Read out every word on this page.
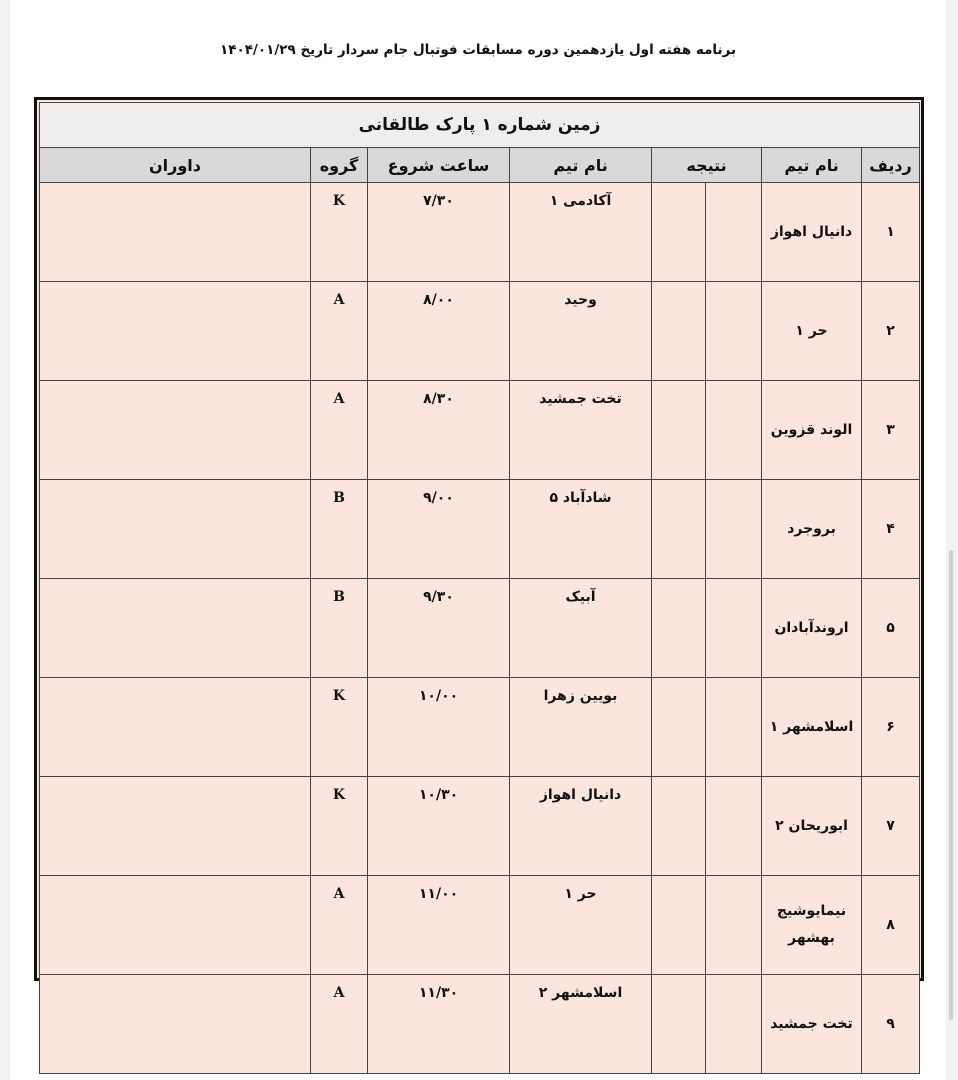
برنامه هفته اول یازدهمین دوره مسابقات فوتبال جام سردار تاریخ ۱۴۰۴/۰۱/۲۹
زمین شماره ۱ پارک طالقانی							
ردیف	نام تیم	نتیجه		نام تیم	ساعت شروع	گروه	داوران
۱	دانیال اهواز			آکادمی ۱	۷/۳۰	K	
۲	حر ۱			وحید	۸/۰۰	A	
۳	الوند قزوین			تخت جمشید	۸/۳۰	A	
۴	بروجرد			شادآباد ۵	۹/۰۰	B	
۵	اروندآبادان			آبیک	۹/۳۰	B	
۶	اسلامشهر ۱			بویین زهرا	۱۰/۰۰	K	
۷	ابوریحان ۲			دانیال اهواز	۱۰/۳۰	K	
۸	نیمایوشیج بهشهر			حر ۱	۱۱/۰۰	A	
۹	تخت جمشید			اسلامشهر ۲	۱۱/۳۰	A	
